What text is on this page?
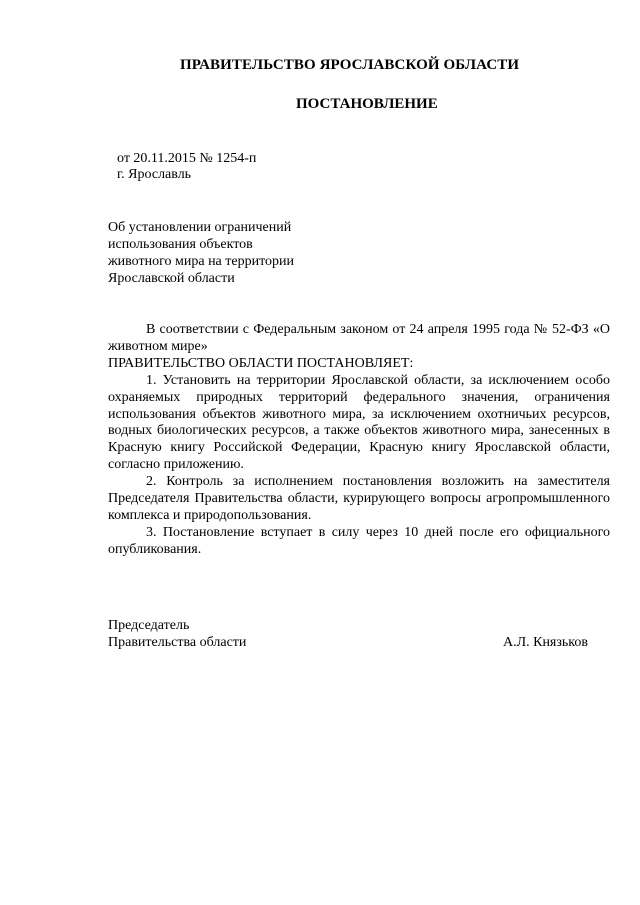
ПРАВИТЕЛЬСТВО ЯРОСЛАВСКОЙ ОБЛАСТИ
ПОСТАНОВЛЕНИЕ
от 20.11.2015 № 1254-п
г. Ярославль
Об установлении ограничений
использования объектов
животного мира на территории
Ярославской области

В соответствии с Федеральным законом от 24 апреля 1995 года № 52-ФЗ «О животном мире»

ПРАВИТЕЛЬСТВО ОБЛАСТИ ПОСТАНОВЛЯЕТ:

1. Установить на территории Ярославской области, за исключением особо охраняемых природных территорий федерального значения, ограничения использования объектов животного мира, за исключением охотничьих ресурсов, водных биологических ресурсов, а также объектов животного мира, занесенных в Красную книгу Российской Федерации, Красную книгу Ярославской области, согласно приложению.

2. Контроль за исполнением постановления возложить на заместителя Председателя Правительства области, курирующего вопросы агропромышленного комплекса и природопользования.

3. Постановление вступает в силу через 10 дней после его официального опубликования.

Председатель
Правительства области	А.Л. Князьков
